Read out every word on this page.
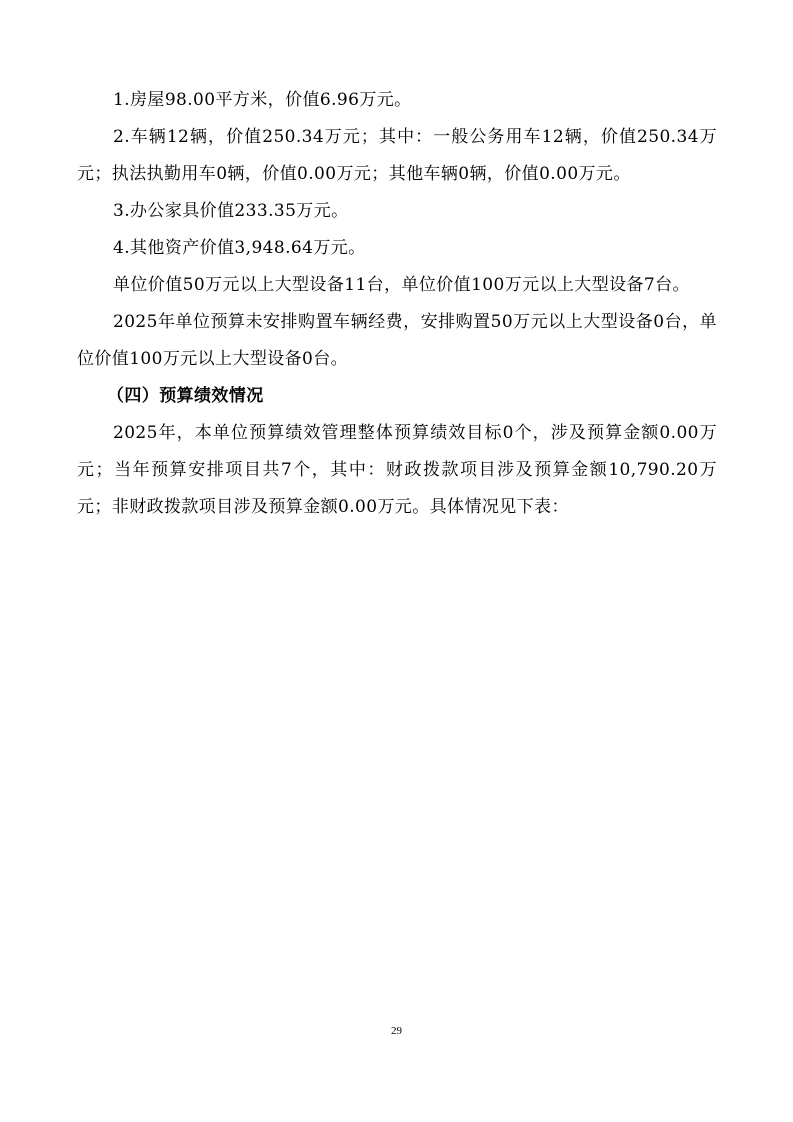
1.房屋98.00平方米，价值6.96万元。

2.车辆12辆，价值250.34万元；其中：一般公务用车12辆，价值250.34万元；执法执勤用车0辆，价值0.00万元；其他车辆0辆，价值0.00万元。

3.办公家具价值233.35万元。

4.其他资产价值3,948.64万元。

单位价值50万元以上大型设备11台，单位价值100万元以上大型设备7台。

2025年单位预算未安排购置车辆经费，安排购置50万元以上大型设备0台，单位价值100万元以上大型设备0台。

（四）预算绩效情况

2025年，本单位预算绩效管理整体预算绩效目标0个，涉及预算金额0.00万元；当年预算安排项目共7个，其中：财政拨款项目涉及预算金额10,790.20万元；非财政拨款项目涉及预算金额0.00万元。具体情况见下表：

29
